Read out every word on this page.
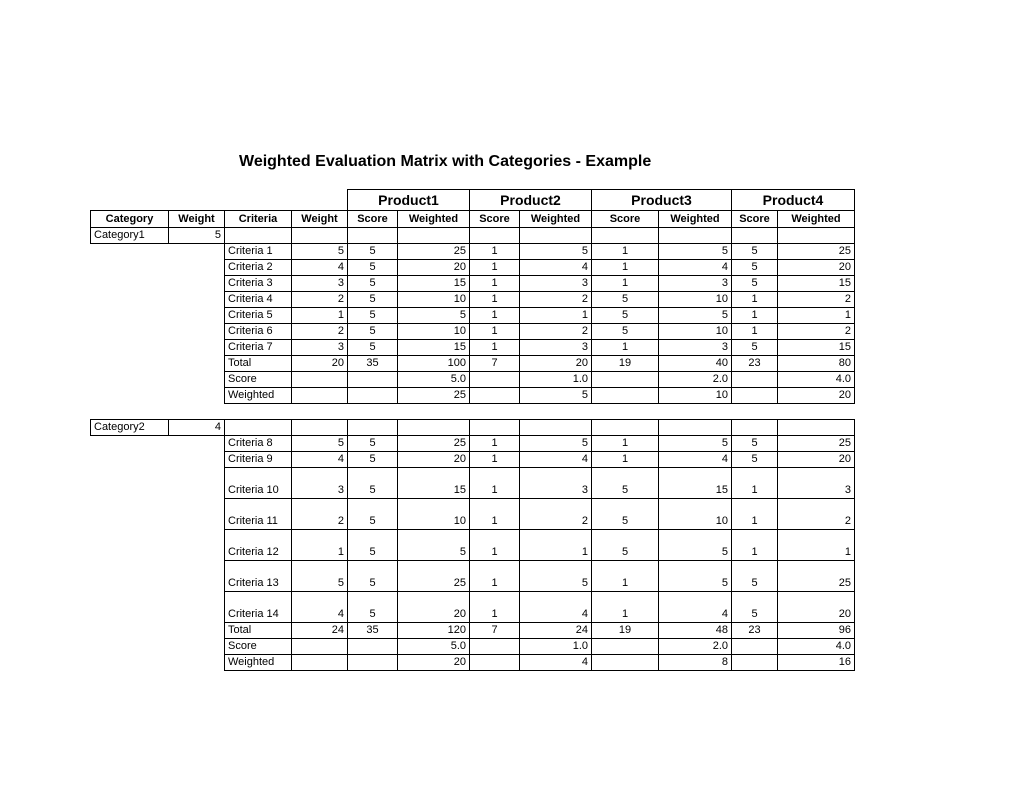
Weighted Evaluation Matrix with Categories - Example
				Product1		Product2		Product3		Product4	
Category	Weight	Criteria	Weight	Score	Weighted	Score	Weighted	Score	Weighted	Score	Weighted
Category1	5										
		Criteria 1	5	5	25	1	5	1	5	5	25
		Criteria 2	4	5	20	1	4	1	4	5	20
		Criteria 3	3	5	15	1	3	1	3	5	15
		Criteria 4	2	5	10	1	2	5	10	1	2
		Criteria 5	1	5	5	1	1	5	5	1	1
		Criteria 6	2	5	10	1	2	5	10	1	2
		Criteria 7	3	5	15	1	3	1	3	5	15
		Total	20	35	100	7	20	19	40	23	80
		Score			5.0		1.0		2.0		4.0
		Weighted			25		5		10		20

Category2	4										
		Criteria 8	5	5	25	1	5	1	5	5	25
		Criteria 9	4	5	20	1	4	1	4	5	20
		Criteria 10	3	5	15	1	3	5	15	1	3
		Criteria 11	2	5	10	1	2	5	10	1	2
		Criteria 12	1	5	5	1	1	5	5	1	1
		Criteria 13	5	5	25	1	5	1	5	5	25
		Criteria 14	4	5	20	1	4	1	4	5	20
		Total	24	35	120	7	24	19	48	23	96
		Score			5.0		1.0		2.0		4.0
		Weighted			20		4		8		16
